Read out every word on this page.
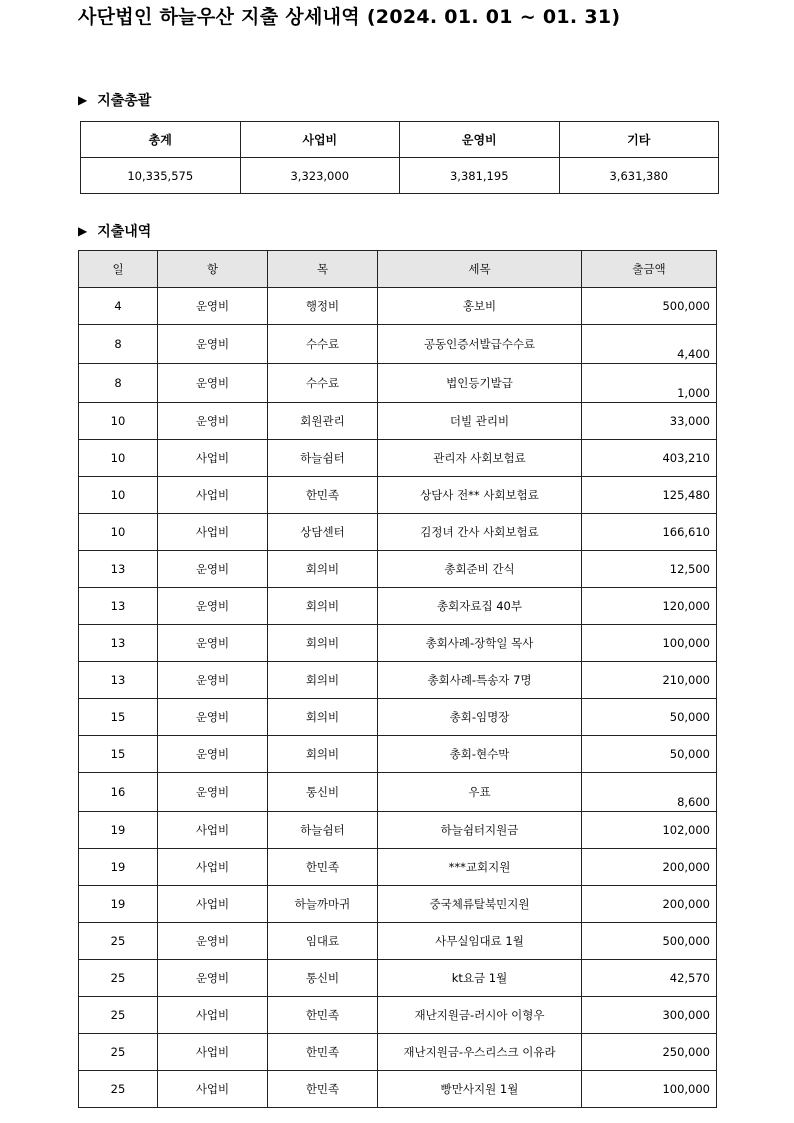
사단법인 하늘우산 지출 상세내역 (2024. 01. 01 ~ 01. 31)
▶ 지출총괄
총계	사업비	운영비	기타
10,335,575	3,323,000	3,381,195	3,631,380
▶ 지출내역
일	항	목	세목	출금액
4	운영비	행정비	홍보비	500,000
8	운영비	수수료	공동인증서발급수수료	4,400
8	운영비	수수료	법인등기발급	1,000
10	운영비	회원관리	더빌 관리비	33,000
10	사업비	하늘쉼터	관리자 사회보험료	403,210
10	사업비	한민족	상담사 전** 사회보험료	125,480
10	사업비	상담센터	김정녀 간사 사회보험료	166,610
13	운영비	회의비	총회준비 간식	12,500
13	운영비	회의비	총회자료집 40부	120,000
13	운영비	회의비	총회사례-장학일 목사	100,000
13	운영비	회의비	총회사례-특송자 7명	210,000
15	운영비	회의비	총회-임명장	50,000
15	운영비	회의비	총회-현수막	50,000
16	운영비	통신비	우표	8,600
19	사업비	하늘쉼터	하늘쉼터지원금	102,000
19	사업비	한민족	***교회지원	200,000
19	사업비	하늘까마귀	중국체류탈북민지원	200,000
25	운영비	임대료	사무실임대료 1월	500,000
25	운영비	통신비	kt요금 1월	42,570
25	사업비	한민족	재난지원금-러시아 이형우	300,000
25	사업비	한민족	재난지원금-우스리스크 이유라	250,000
25	사업비	한민족	빵만사지원 1월	100,000
